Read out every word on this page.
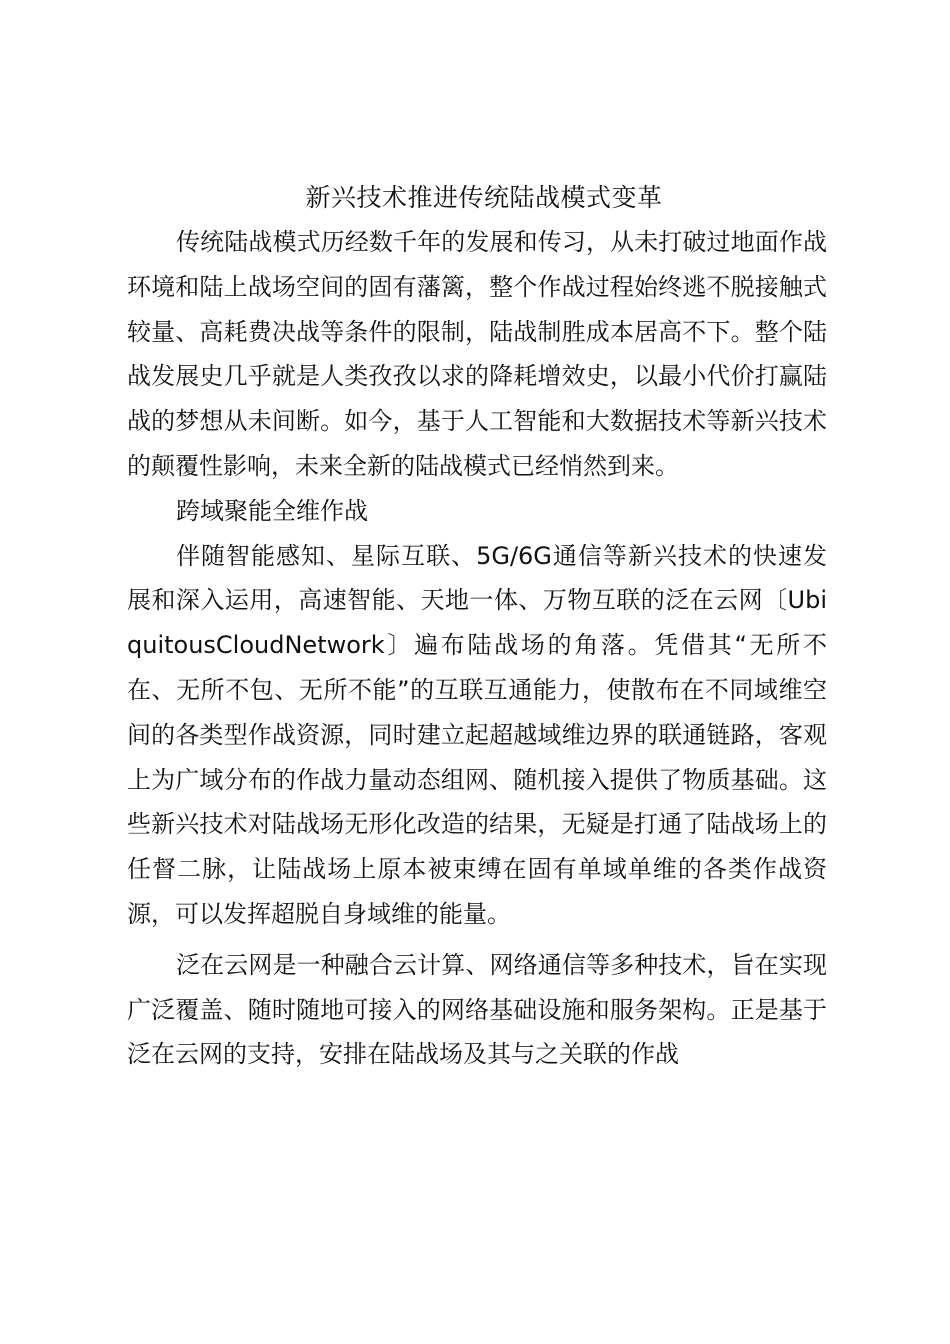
新兴技术推进传统陆战模式变革

传统陆战模式历经数千年的发展和传习，从未打破过地面作战环境和陆上战场空间的固有藩篱，整个作战过程始终逃不脱接触式较量、高耗费决战等条件的限制，陆战制胜成本居高不下。整个陆战发展史几乎就是人类孜孜以求的降耗增效史，以最小代价打赢陆战的梦想从未间断。如今，基于人工智能和大数据技术等新兴技术的颠覆性影响，未来全新的陆战模式已经悄然到来。

跨域聚能全维作战

伴随智能感知、星际互联、5G/6G通信等新兴技术的快速发展和深入运用，高速智能、天地一体、万物互联的泛在云网〔UbiquitousCloudNetwork〕遍布陆战场的角落。凭借其“无所不在、无所不包、无所不能”的互联互通能力，使散布在不同域维空间的各类型作战资源，同时建立起超越域维边界的联通链路，客观上为广域分布的作战力量动态组网、随机接入提供了物质基础。这些新兴技术对陆战场无形化改造的结果，无疑是打通了陆战场上的任督二脉，让陆战场上原本被束缚在固有单域单维的各类作战资源，可以发挥超脱自身域维的能量。

泛在云网是一种融合云计算、网络通信等多种技术，旨在实现广泛覆盖、随时随地可接入的网络基础设施和服务架构。正是基于泛在云网的支持，安排在陆战场及其与之关联的作战
